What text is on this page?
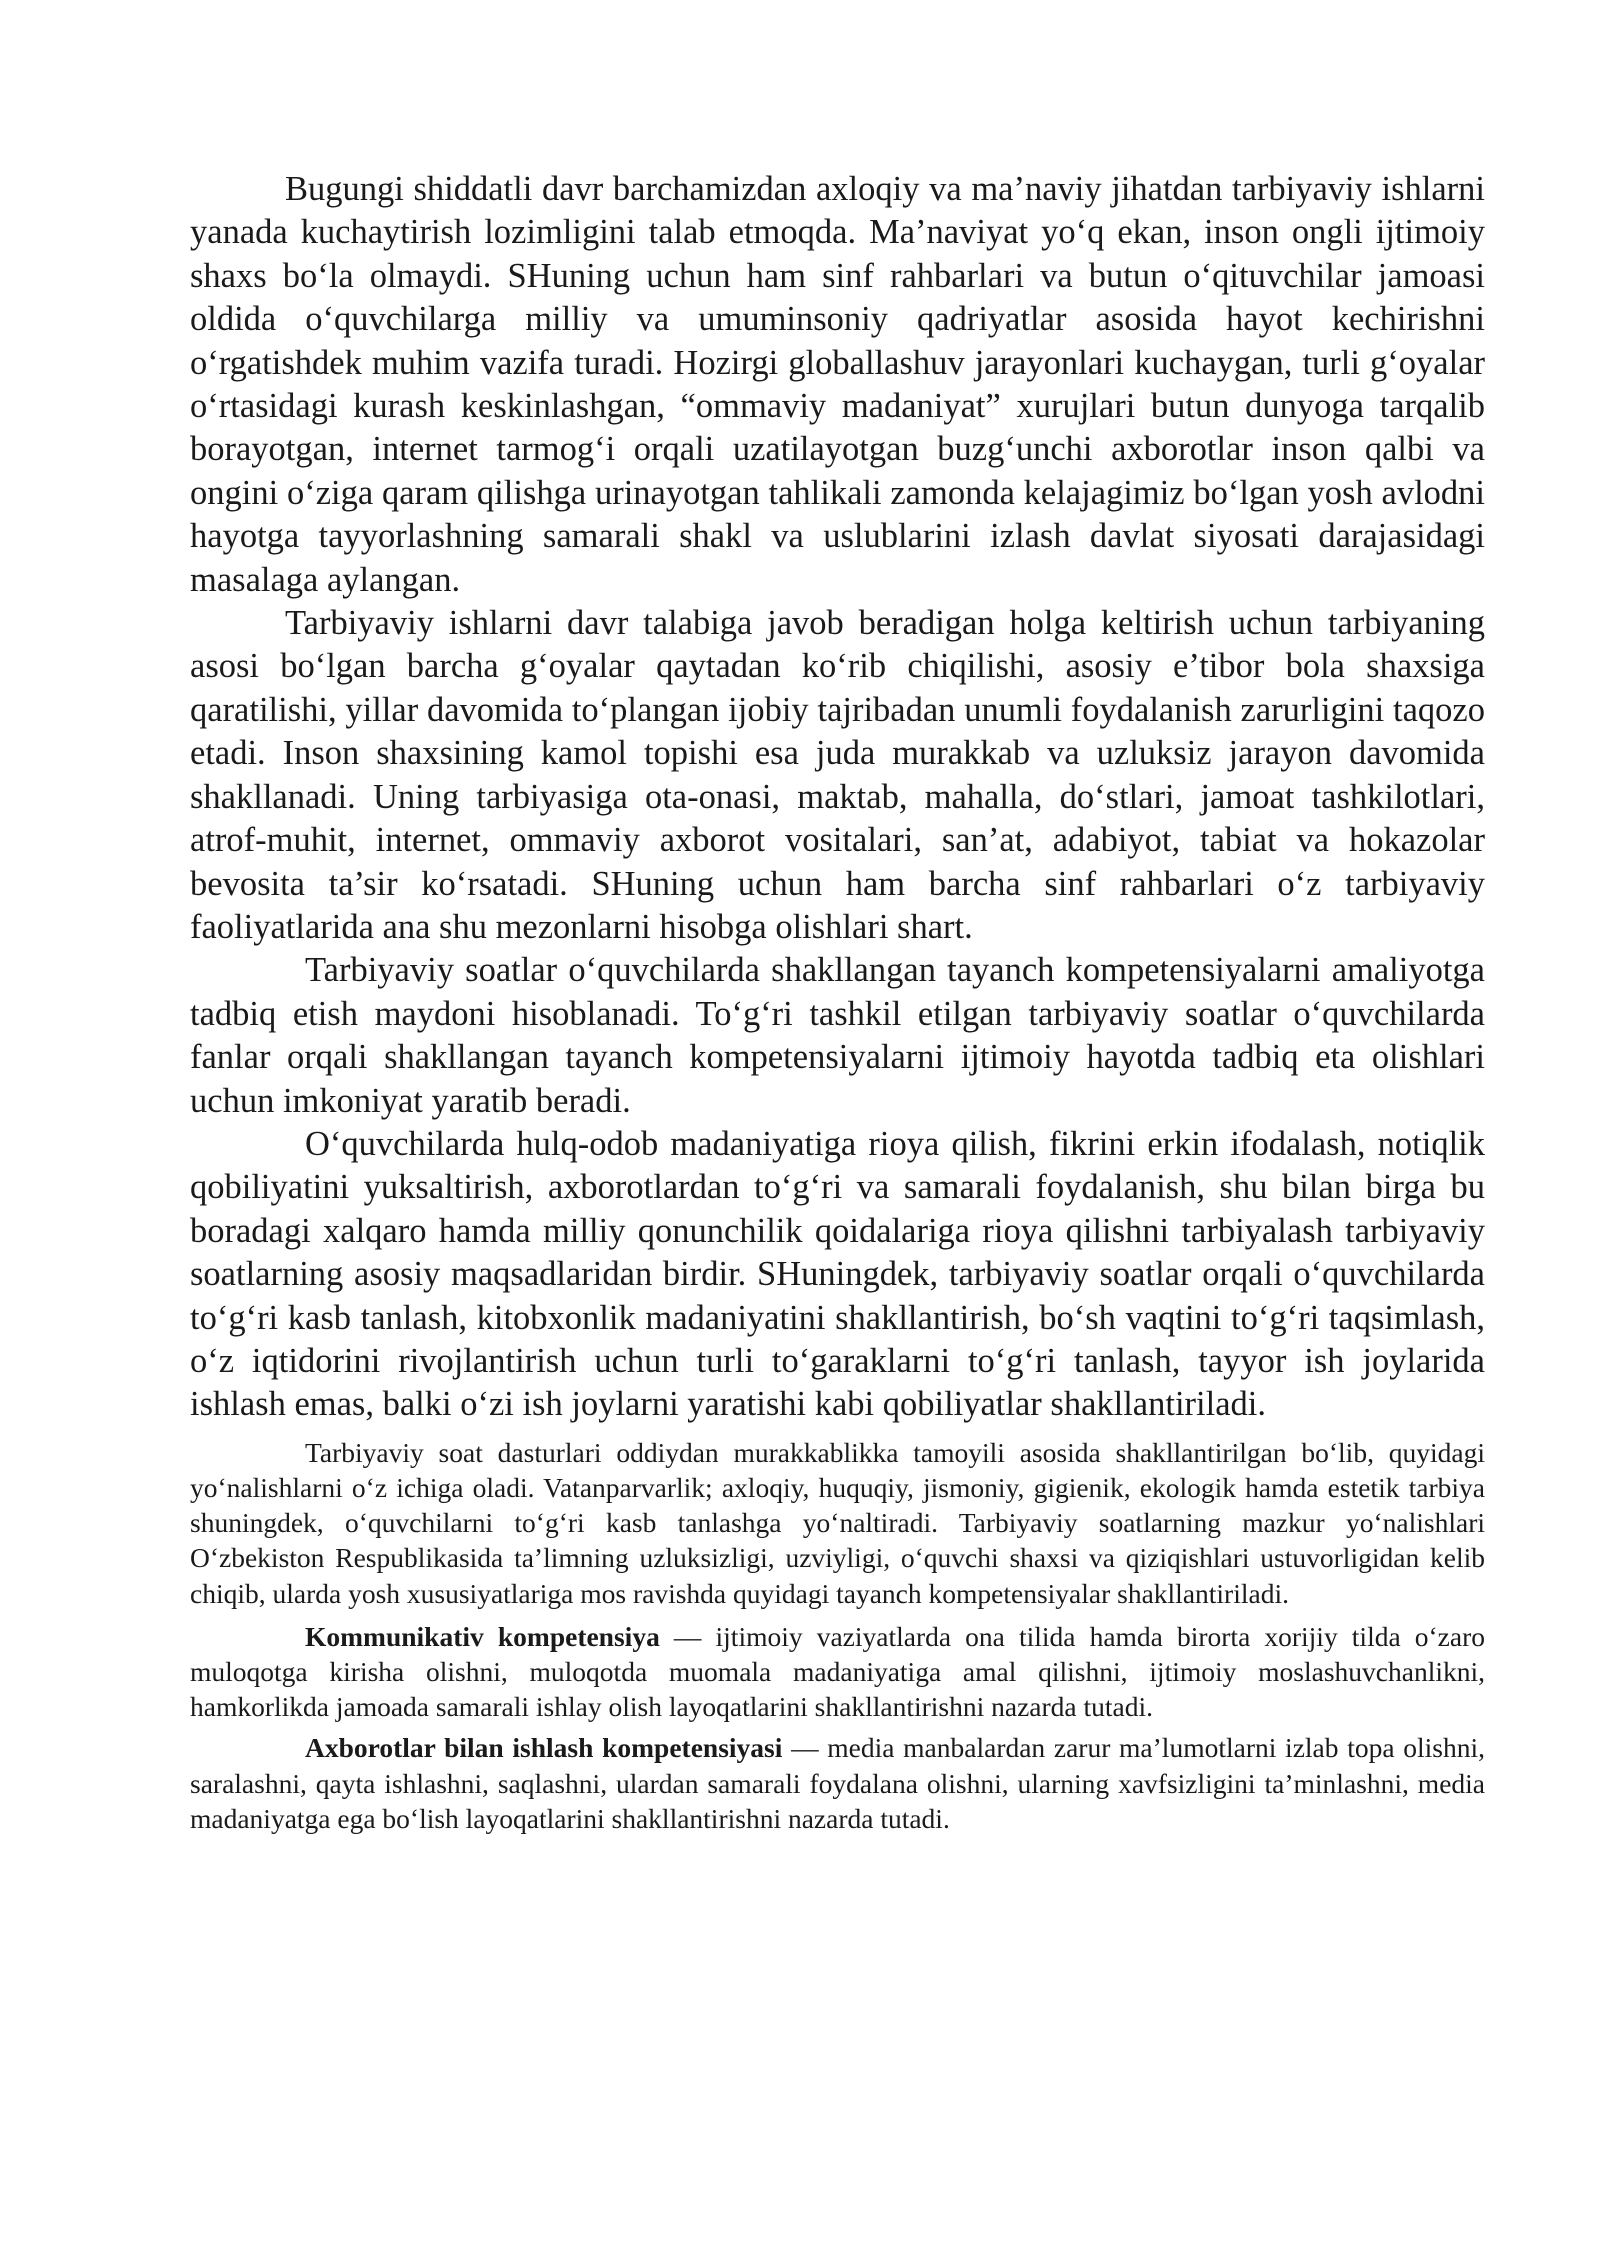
Bugungi shiddatli davr barchamizdan axloqiy va ma’naviy jihatdan tarbiyaviy ishlarni yanada kuchaytirish lozimligini talab etmoqda. Ma’naviyat yo‘q ekan, inson ongli ijtimoiy shaxs bo‘la olmaydi. SHuning uchun ham sinf rahbarlari va butun o‘qituvchilar jamoasi oldida o‘quvchilarga milliy va umuminsoniy qadriyatlar asosida hayot kechirishni o‘rgatishdek muhim vazifa turadi. Hozirgi globallashuv jarayonlari kuchaygan, turli g‘oyalar o‘rtasidagi kurash keskinlashgan, “ommaviy madaniyat” xurujlari butun dunyoga tarqalib borayotgan, internet tarmog‘i orqali uzatilayotgan buzg‘unchi axborotlar inson qalbi va ongini o‘ziga qaram qilishga urinayotgan tahlikali zamonda kelajagimiz bo‘lgan yosh avlodni hayotga tayyorlashning samarali shakl va uslublarini izlash davlat siyosati darajasidagi masalaga aylangan.

Tarbiyaviy ishlarni davr talabiga javob beradigan holga keltirish uchun tarbiyaning asosi bo‘lgan barcha g‘oyalar qaytadan ko‘rib chiqilishi, asosiy e’tibor bola shaxsiga qaratilishi, yillar davomida to‘plangan ijobiy tajribadan unumli foydalanish zarurligini taqozo etadi. Inson shaxsining kamol topishi esa juda murakkab va uzluksiz jarayon davomida shakllanadi. Uning tarbiyasiga ota-onasi, maktab, mahalla, do‘stlari, jamoat tashkilotlari, atrof-muhit, internet, ommaviy axborot vositalari, san’at, adabiyot, tabiat va hokazolar bevosita ta’sir ko‘rsatadi. SHuning uchun ham barcha sinf rahbarlari o‘z tarbiyaviy faoliyatlarida ana shu mezonlarni hisobga olishlari shart.

Tarbiyaviy soatlar o‘quvchilarda shakllangan tayanch kompetensiyalarni amaliyotga tadbiq etish maydoni hisoblanadi. To‘g‘ri tashkil etilgan tarbiyaviy soatlar o‘quvchilarda fanlar orqali shakllangan tayanch kompetensiyalarni ijtimoiy hayotda tadbiq eta olishlari uchun imkoniyat yaratib beradi.

O‘quvchilarda hulq-odob madaniyatiga rioya qilish, fikrini erkin ifodalash, notiqlik qobiliyatini yuksaltirish, axborotlardan to‘g‘ri va samarali foydalanish, shu bilan birga bu boradagi xalqaro hamda milliy qonunchilik qoidalariga rioya qilishni tarbiyalash tarbiyaviy soatlarning asosiy maqsadlaridan birdir. SHuningdek, tarbiyaviy soatlar orqali o‘quvchilarda to‘g‘ri kasb tanlash, kitobxonlik madaniyatini shakllantirish, bo‘sh vaqtini to‘g‘ri taqsimlash, o‘z iqtidorini rivojlantirish uchun turli to‘garaklarni to‘g‘ri tanlash, tayyor ish joylarida ishlash emas, balki o‘zi ish joylarni yaratishi kabi qobiliyatlar shakllantiriladi.

Tarbiyaviy soat dasturlari oddiydan murakkablikka tamoyili asosida shakllantirilgan bo‘lib, quyidagi yo‘nalishlarni o‘z ichiga oladi. Vatanparvarlik; axloqiy, huquqiy, jismoniy, gigienik, ekologik hamda estetik tarbiya shuningdek, o‘quvchilarni to‘g‘ri kasb tanlashga yo‘naltiradi. Tarbiyaviy soatlarning mazkur yo‘nalishlari O‘zbekiston Respublikasida ta’limning uzluksizligi, uzviyligi, o‘quvchi shaxsi va qiziqishlari ustuvorligidan kelib chiqib, ularda yosh xususiyatlariga mos ravishda quyidagi tayanch kompetensiyalar shakllantiriladi.

Kommunikativ kompetensiya — ijtimoiy vaziyatlarda ona tilida hamda birorta xorijiy tilda o‘zaro muloqotga kirisha olishni, muloqotda muomala madaniyatiga amal qilishni, ijtimoiy moslashuvchanlikni, hamkorlikda jamoada samarali ishlay olish layoqatlarini shakllantirishni nazarda tutadi.

Axborotlar bilan ishlash kompetensiyasi — media manbalardan zarur ma’lumotlarni izlab topa olishni, saralashni, qayta ishlashni, saqlashni, ulardan samarali foydalana olishni, ularning xavfsizligini ta’minlashni, media madaniyatga ega bo‘lish layoqatlarini shakllantirishni nazarda tutadi.
